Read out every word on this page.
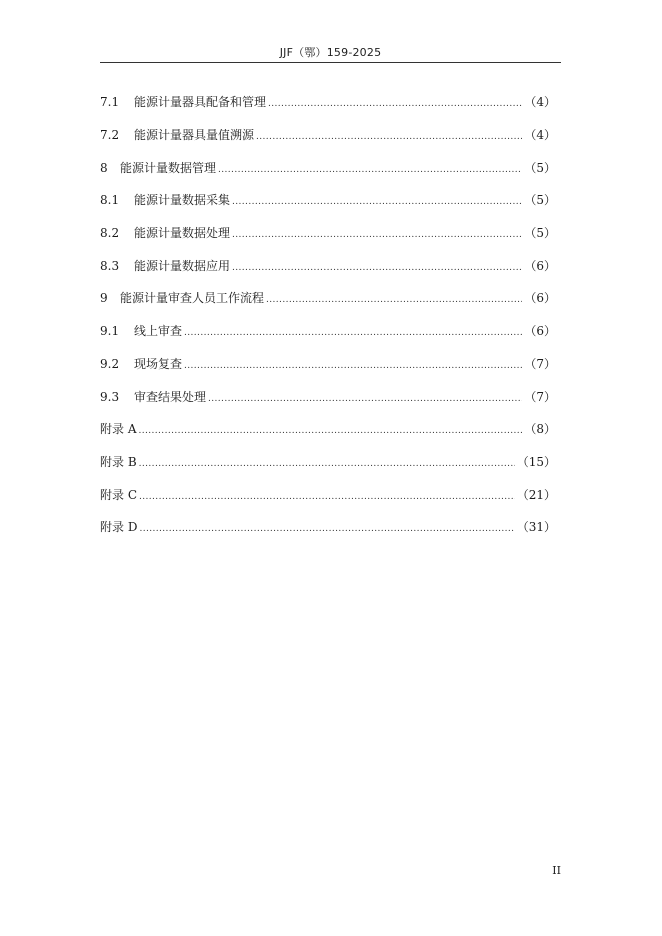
JJF（鄂）159-2025
7.1	能源计量器具配备和管理 .....	（4）
7.2	能源计量器具量值溯源 .....	（4）
8	能源计量数据管理 .....	（5）
8.1	能源计量数据采集 .....	（5）
8.2	能源计量数据处理 .....	（5）
8.3	能源计量数据应用 .....	（6）
9	能源计量审查人员工作流程 .....	（6）
9.1	线上审查 .....	（6）
9.2	现场复查 .....	（7）
9.3	审查结果处理 .....	（7）
附录 A .....	（8）
附录 B .....	（15）
附录 C .....	（21）
附录 D .....	（31）
II
